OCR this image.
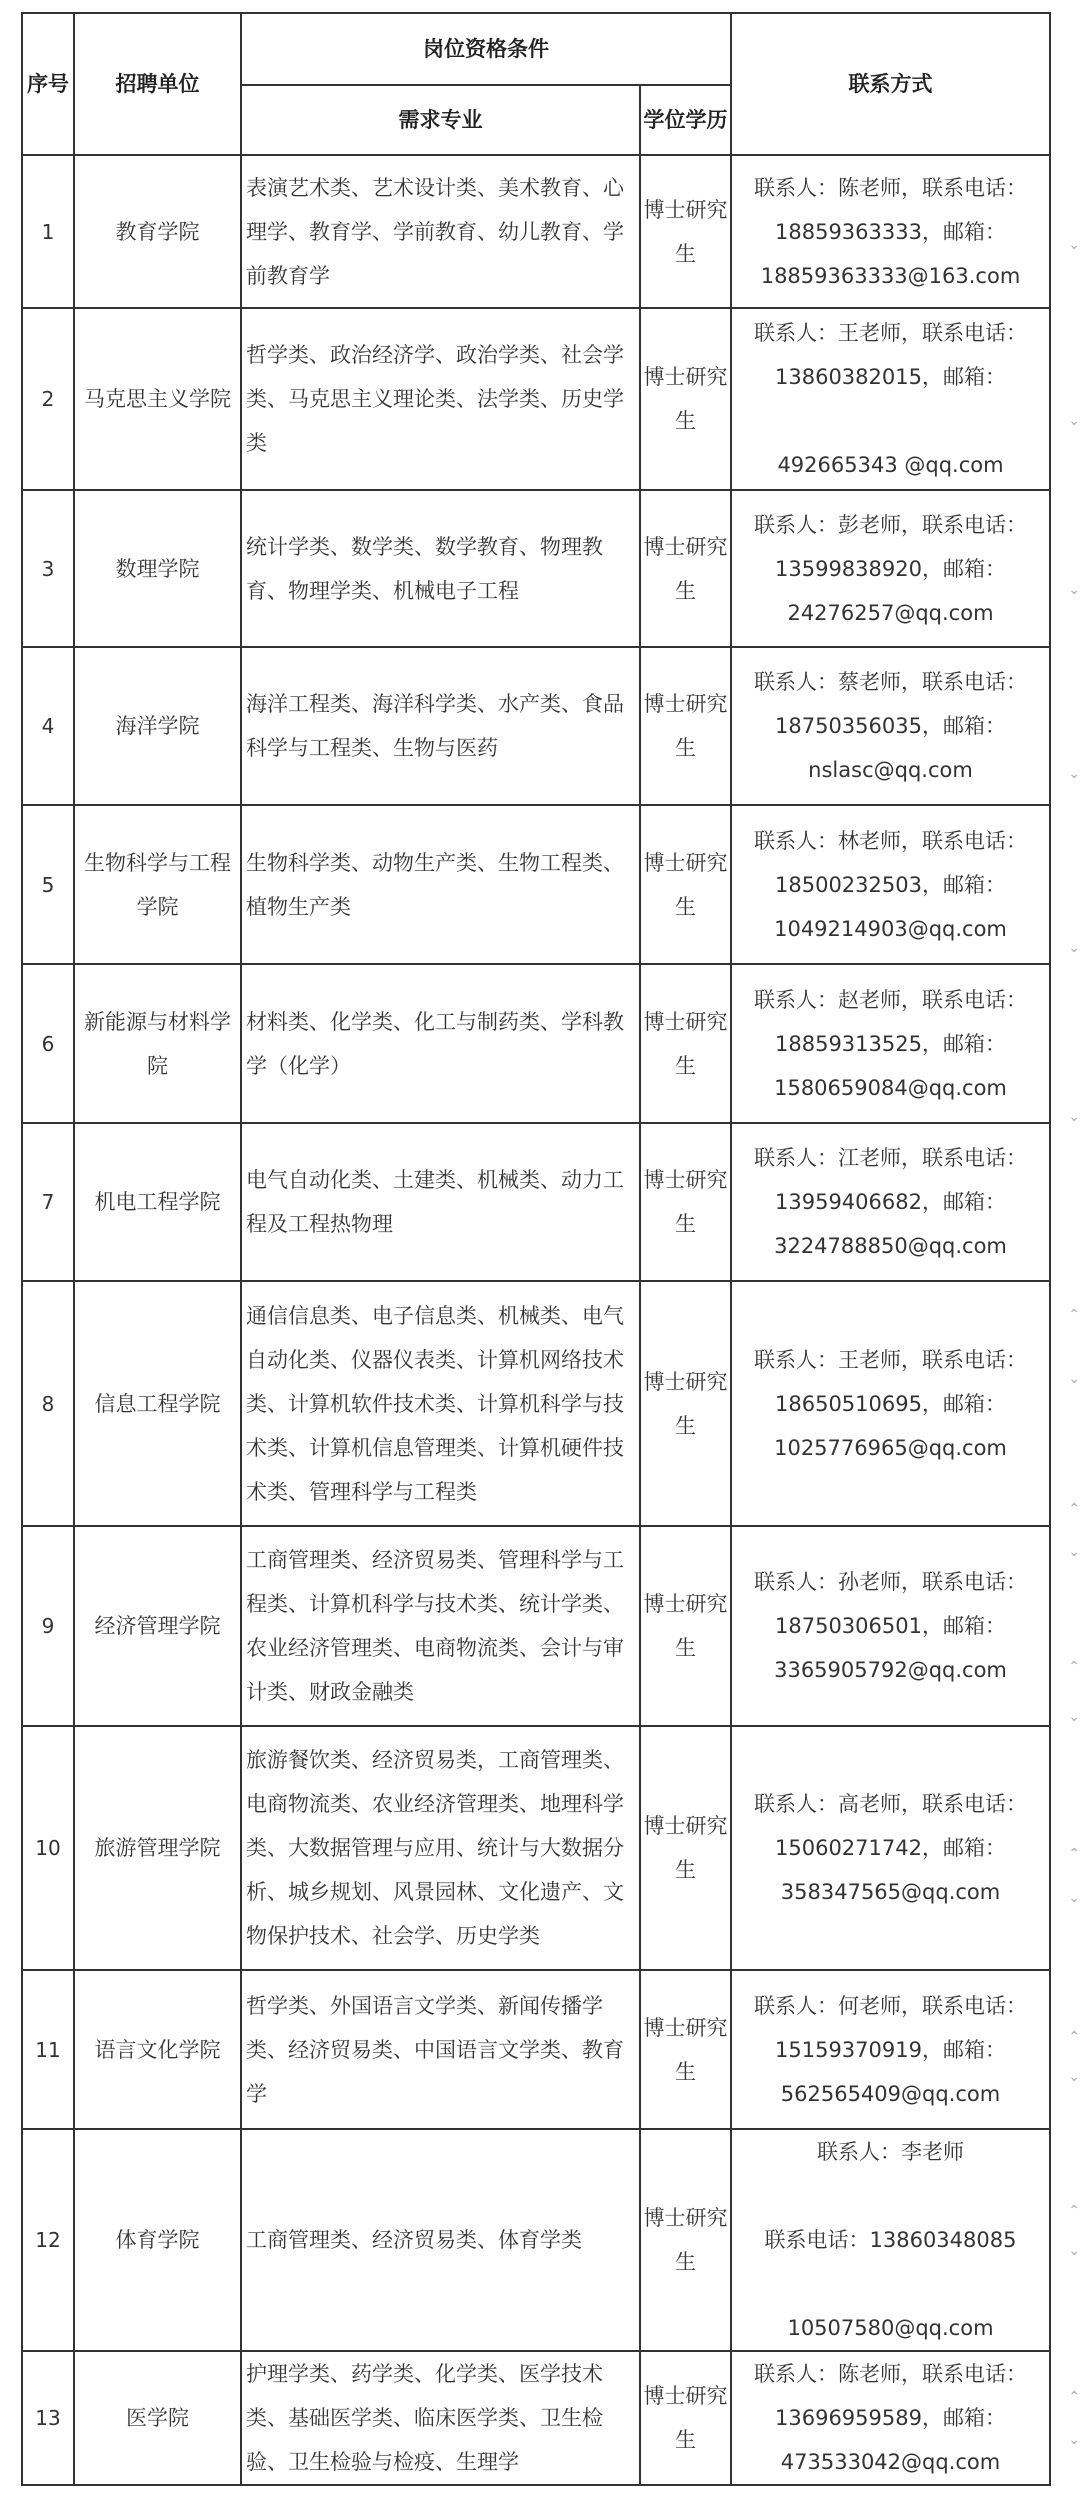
序号	招聘单位	岗位资格条件		联系方式
		需求专业	学位学历	
1	教育学院	表演艺术类、艺术设计类、美术教育、心理学、教育学、学前教育、幼儿教育、学前教育学	博士研究生	联系人：陈老师，联系电话：
18859363333，邮箱：
18859363333@163.com

2	马克思主义学院	哲学类、政治经济学、政治学类、社会学类、马克思主义理论类、法学类、历史学类	博士研究生	联系人：王老师，联系电话：
13860382015，邮箱：

492665343 @qq.com

3	数理学院	统计学类、数学类、数学教育、物理教育、物理学类、机械电子工程	博士研究生	联系人：彭老师，联系电话：
13599838920，邮箱：
24276257@qq.com

4	海洋学院	海洋工程类、海洋科学类、水产类、食品科学与工程类、生物与医药	博士研究生	联系人：蔡老师，联系电话：
18750356035，邮箱：
nslasc@qq.com

5	生物科学与工程学院	生物科学类、动物生产类、生物工程类、植物生产类	博士研究生	联系人：林老师，联系电话：
18500232503，邮箱：
1049214903@qq.com

6	新能源与材料学院	材料类、化学类、化工与制药类、学科教学（化学）	博士研究生	联系人：赵老师，联系电话：
18859313525，邮箱：
1580659084@qq.com

7	机电工程学院	电气自动化类、土建类、机械类、动力工程及工程热物理	博士研究生	联系人：江老师，联系电话：
13959406682，邮箱：
3224788850@qq.com

8	信息工程学院	通信信息类、电子信息类、机械类、电气自动化类、仪器仪表类、计算机网络技术类、计算机软件技术类、计算机科学与技术类、计算机信息管理类、计算机硬件技术类、管理科学与工程类	博士研究生	联系人：王老师，联系电话：
18650510695，邮箱：
1025776965@qq.com

9	经济管理学院	工商管理类、经济贸易类、管理科学与工程类、计算机科学与技术类、统计学类、农业经济管理类、电商物流类、会计与审计类、财政金融类	博士研究生	联系人：孙老师，联系电话：
18750306501，邮箱：
3365905792@qq.com

10	旅游管理学院	旅游餐饮类、经济贸易类，工商管理类、电商物流类、农业经济管理类、地理科学类、大数据管理与应用、统计与大数据分析、城乡规划、风景园林、文化遗产、文物保护技术、社会学、历史学类	博士研究生	联系人：高老师，联系电话：
15060271742，邮箱：
358347565@qq.com

11	语言文化学院	哲学类、外国语言文学类、新闻传播学类、经济贸易类、中国语言文学类、教育学	博士研究生	联系人：何老师，联系电话：
15159370919，邮箱：
562565409@qq.com

12	体育学院	工商管理类、经济贸易类、体育学类	博士研究生	联系人：李老师

联系电话：13860348085

10507580@qq.com

13	医学院	护理学类、药学类、化学类、医学技术类、基础医学类、临床医学类、卫生检验、卫生检验与检疫、生理学	博士研究生	联系人：陈老师，联系电话：
13696959589，邮箱：
473533042@qq.com
⌄
⌄
⌄
⌄
⌄
⌄
⌃
⌄
⌃
⌄
⌃
⌄
⌃
⌄
⌃
⌄
⌃
⌄
⌃
⌄
